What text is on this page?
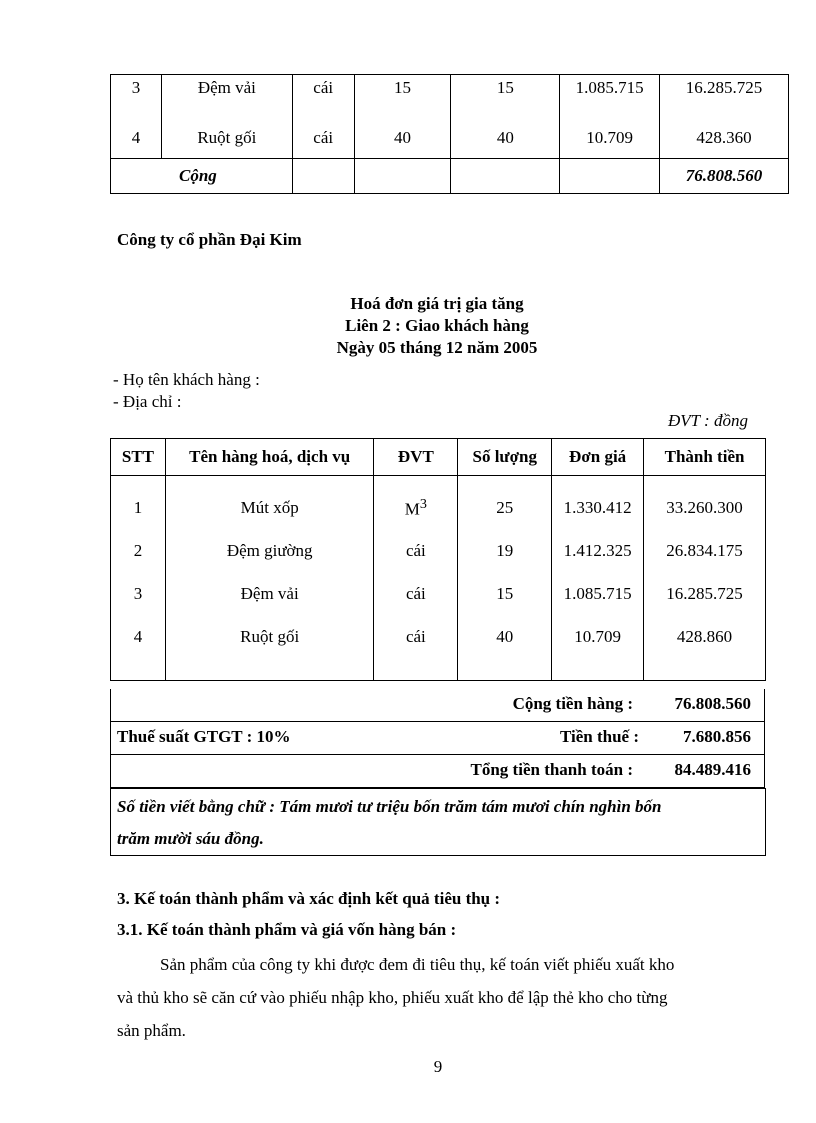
3	Đệm vải	cái	15	15	1.085.715	16.285.725
4	Ruột gối	cái	40	40	10.709	428.360
Cộng						76.808.560
Công ty cổ phần Đại Kim
Hoá đơn giá trị gia tăng
Liên 2 : Giao khách hàng
Ngày 05 tháng 12 năm 2005
- Họ tên khách hàng :
- Địa chỉ :
ĐVT : đồng
STT	Tên hàng hoá, dịch vụ	ĐVT	Số lượng	Đơn giá	Thành tiền

1	Mút xốp	$M^3$	25	1.330.412	33.260.300
2	Đệm giường	cái	19	1.412.325	26.834.175
3	Đệm vải	cái	15	1.085.715	16.285.725
4	Ruột gối	cái	40	10.709	428.860

Cộng tiền hàng : 76.808.560
Thuế suất GTGT : 10%	Tiền thuế :	7.680.856
Tổng tiền thanh toán : 84.489.416
Số tiền viết bằng chữ : Tám mươi tư triệu bốn trăm tám mươi chín nghìn bốn
trăm mười sáu đồng.
3. Kế toán thành phẩm và xác định kết quả tiêu thụ :
3.1. Kế toán thành phẩm và giá vốn hàng bán :
Sản phẩm của công ty khi được đem đi tiêu thụ, kế toán viết phiếu xuất kho
và thủ kho sẽ căn cứ vào phiếu nhập kho, phiếu xuất kho để lập thẻ kho cho từng
sản phẩm.
9
